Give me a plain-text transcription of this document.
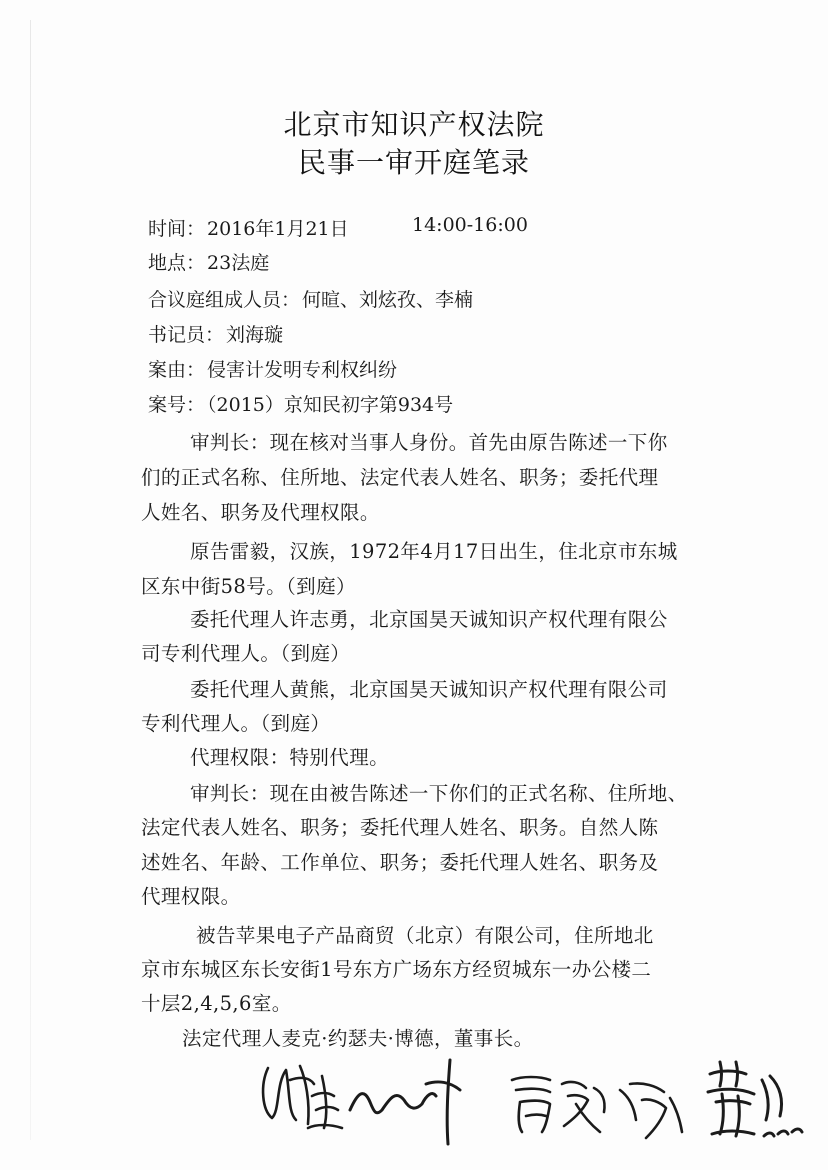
北京市知识产权法院
民事一审开庭笔录
时间： 2016年1月21日	14:00-16:00
地点： 23法庭
合议庭组成人员： 何暄、刘炫孜、李楠
书记员： 刘海璇
案由： 侵害计发明专利权纠纷
案号： （2015）京知民初字第934号
审判长：现在核对当事人身份。首先由原告陈述一下你
们的正式名称、住所地、法定代表人姓名、职务；委托代理
人姓名、职务及代理权限。
原告雷毅，汉族，1972年4月17日出生，住北京市东城
区东中街58号。（到庭）
委托代理人许志勇，北京国昊天诚知识产权代理有限公
司专利代理人。（到庭）
委托代理人黄熊，北京国昊天诚知识产权代理有限公司
专利代理人。（到庭）
代理权限：特别代理。
审判长：现在由被告陈述一下你们的正式名称、住所地、
法定代表人姓名、职务；委托代理人姓名、职务。自然人陈
述姓名、年龄、工作单位、职务；委托代理人姓名、职务及
代理权限。
被告苹果电子产品商贸（北京）有限公司，住所地北
京市东城区东长安街1号东方广场东方经贸城东一办公楼二
十层2,4,5,6室。
法定代理人麦克·约瑟夫·博德，董事长。
